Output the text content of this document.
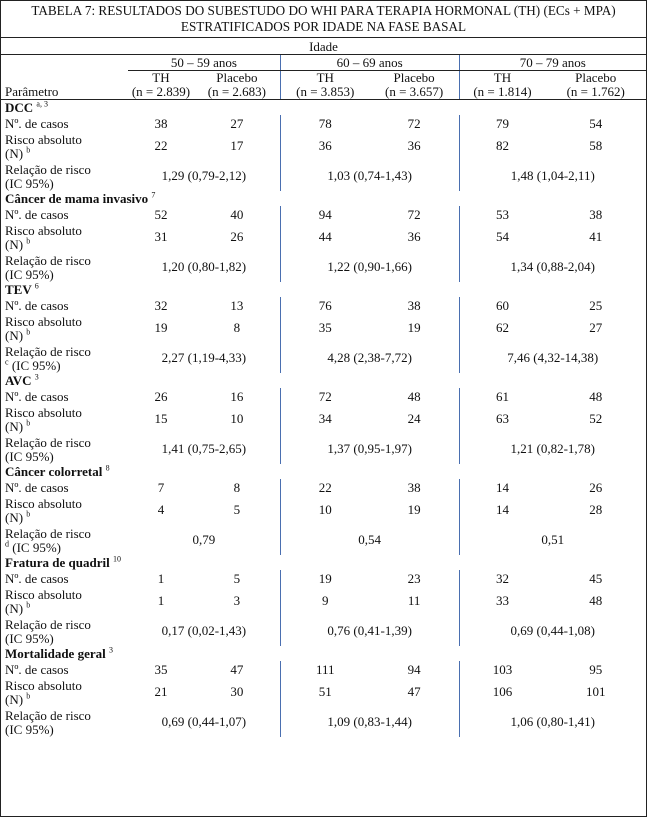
TABELA 7: RESULTADOS DO SUBESTUDO DO WHI PARA TERAPIA HORMONAL (TH) (ECs + MPA) ESTRATIFICADOS POR IDADE NA FASE BASAL
Idade						
	50 – 59 anos		60 – 69 anos		70 – 79 anos	
Parâmetro	TH	Placebo	TH	Placebo	TH	Placebo
	(n = 2.839)	(n = 2.683)	(n = 3.853)	(n = 3.657)	(n = 1.814)	(n = 1.762)
DCC $^{a, 3}$
Nº. de casos	38	27	78	72	79	54
Risco absoluto
(N) $^b$	22	17	36	36	82	58
Relação de risco
(IC 95%)	1,29 (0,79-2,12)		1,03 (0,74-1,43)		1,48 (1,04-2,11)	
Câncer de mama invasivo $^7$
Nº. de casos	52	40	94	72	53	38
Risco absoluto
(N) $^b$	31	26	44	36	54	41
Relação de risco
(IC 95%)	1,20 (0,80-1,82)		1,22 (0,90-1,66)		1,34 (0,88-2,04)	
TEV $^6$
Nº. de casos	32	13	76	38	60	25
Risco absoluto
(N) $^b$	19	8	35	19	62	27
Relação de risco
$^c$ (IC 95%)	2,27 (1,19-4,33)		4,28 (2,38-7,72)		7,46 (4,32-14,38)	
AVC $^3$
Nº. de casos	26	16	72	48	61	48
Risco absoluto
(N) $^b$	15	10	34	24	63	52
Relação de risco
(IC 95%)	1,41 (0,75-2,65)		1,37 (0,95-1,97)		1,21 (0,82-1,78)	
Câncer colorretal $^8$
Nº. de casos	7	8	22	38	14	26
Risco absoluto
(N) $^b$	4	5	10	19	14	28
Relação de risco
$^d$ (IC 95%)	0,79		0,54		0,51	
Fratura de quadril $^{10}$
Nº. de casos	1	5	19	23	32	45
Risco absoluto
(N) $^b$	1	3	9	11	33	48
Relação de risco
(IC 95%)	0,17 (0,02-1,43)		0,76 (0,41-1,39)		0,69 (0,44-1,08)	
Mortalidade geral $^3$
Nº. de casos	35	47	111	94	103	95
Risco absoluto
(N) $^b$	21	30	51	47	106	101
Relação de risco
(IC 95%)	0,69 (0,44-1,07)		1,09 (0,83-1,44)		1,06 (0,80-1,41)	
